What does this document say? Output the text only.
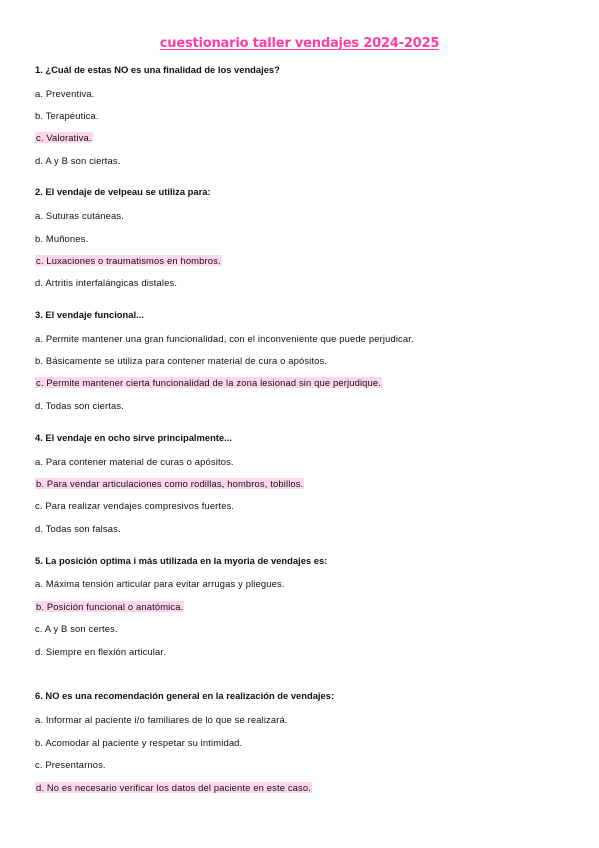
cuestionario taller vendajes 2024-2025
1. ¿Cuál de estas NO es una finalidad de los vendajes?
a. Preventiva.
b. Terapéutica.
c. Valorativa.
d. A y B son ciertas.
2. El vendaje de velpeau se utiliza para:
a. Suturas cutáneas.
b. Muñones.
c. Luxaciones o traumatismos en hombros.
d. Artritis interfalángicas distales.
3. El vendaje funcional...
a. Permite mantener una gran funcionalidad, con el inconveniente que puede perjudicar.
b. Básicamente se utiliza para contener material de cura o apósitos.
c. Permite mantener cierta funcionalidad de la zona lesionad sin que perjudique.
d. Todas son ciertas.
4. El vendaje en ocho sirve principalmente...
a. Para contener material de curas o apósitos.
b. Para vendar articulaciones como rodillas, hombros, tobillos.
c. Para realizar vendajes compresivos fuertes.
d. Todas son falsas.
5. La posición optima i más utilizada en la myoria de vendajes es:
a. Máxima tensión articular para evitar arrugas y pliegues.
b. Posición funcional o anatómica.
c. A y B son certes.
d. Siempre en flexión articular.
6. NO es una recomendación general en la realización de vendajes:
a. Informar al paciente i/o familiares de lo que se realizará.
b. Acomodar al paciente y respetar su intimidad.
c. Presentarnos.
d. No es necesario verificar los datos del paciente en este caso.
